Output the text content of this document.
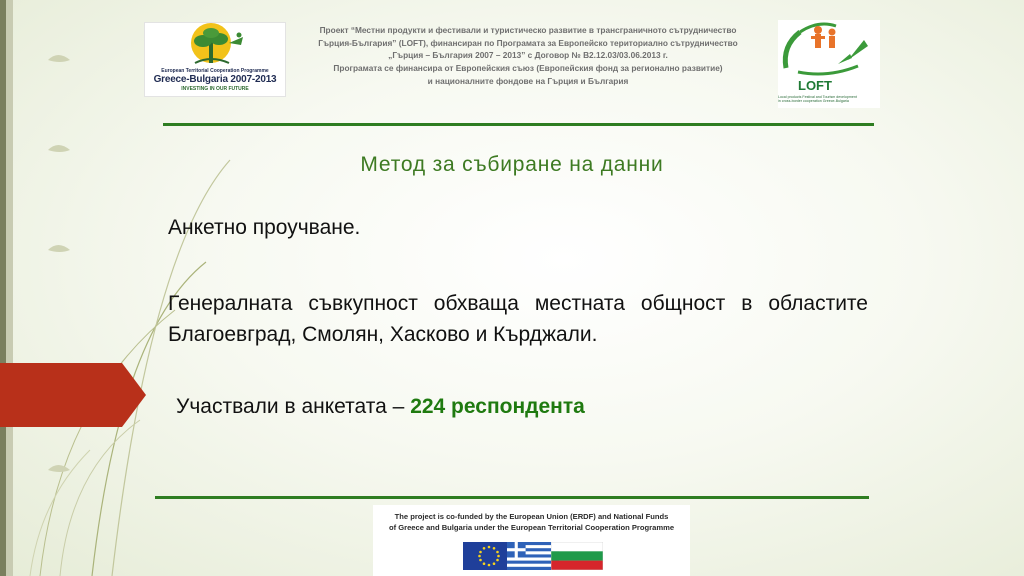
European Territorial Cooperation Programme
Greece-Bulgaria 2007-2013
INVESTING IN OUR FUTURE
Проект “Местни продукти и фестивали и туристическо развитие в трансграничното сътрудничество
Гърция-България” (LOFT), финансиран по Програмата за Европейско териториално сътрудничество
„Гърция – България 2007 – 2013” с Договор № B2.12.03/03.06.2013 г.
Програмата се финансира от Европейския съюз (Европейския фонд за регионално развитие)
и националните фондове на Гърция и България	LOFT
Local products Festival and Tourism development
in cross-border cooperation Greece-Bulgaria
Метод за събиране на данни
Анкетно проучване.
Генералната съвкупност обхваща местната общност в областите Благоевград, Смолян, Хасково и Кърджали.
Участвали в анкетата – 224 респондента
The project is co-funded by the European Union (ERDF) and National Funds
of Greece and Bulgaria under the European Territorial Cooperation Programme
